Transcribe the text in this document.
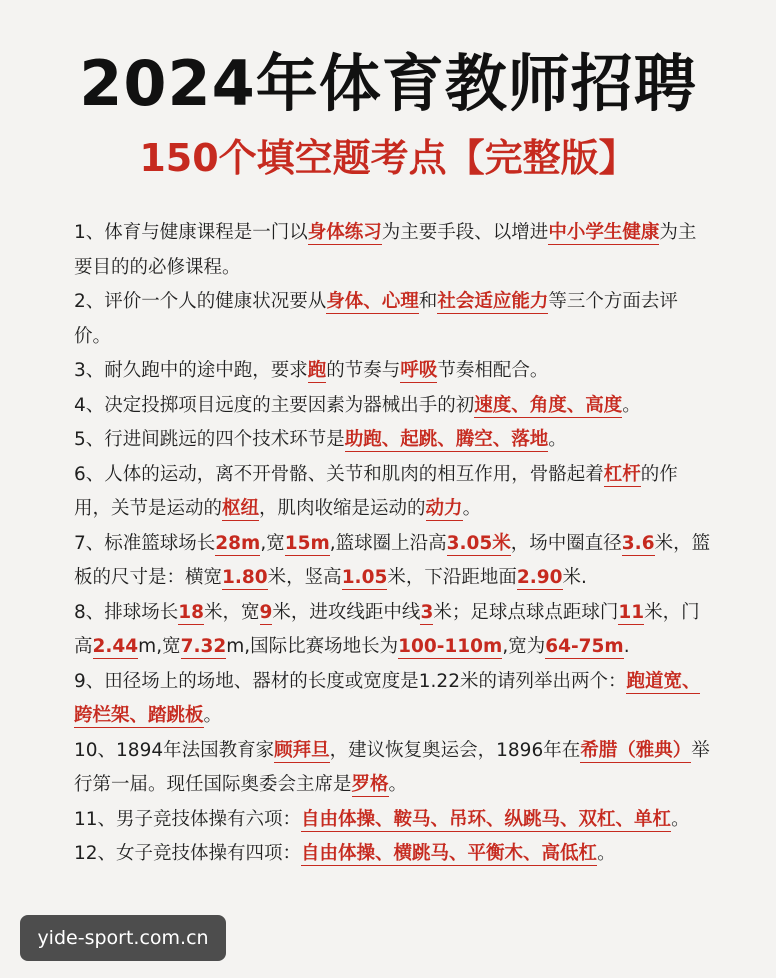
2024年体育教师招聘
150个填空题考点【完整版】

1、体育与健康课程是一门以身体练习为主要手段、以增进中小学生健康为主要目的的必修课程。

2、评价一个人的健康状况要从身体、心理和社会适应能力等三个方面去评价。

3、耐久跑中的途中跑，要求跑的节奏与呼吸节奏相配合。

4、决定投掷项目远度的主要因素为器械出手的初速度、角度、高度。

5、行进间跳远的四个技术环节是助跑、起跳、腾空、落地。

6、人体的运动，离不开骨骼、关节和肌肉的相互作用，骨骼起着杠杆的作用，关节是运动的枢纽，肌肉收缩是运动的动力。

7、标准篮球场长28m,宽15m,篮球圈上沿高3.05米，场中圈直径3.6米，篮板的尺寸是：横宽1.80米，竖高1.05米，下沿距地面2.90米.

8、排球场长18米，宽9米，进攻线距中线3米；足球点球点距球门11米，门高2.44m,宽7.32m,国际比赛场地长为100-110m,宽为64-75m.

9、田径场上的场地、器材的长度或宽度是1.22米的请列举出两个：跑道宽、跨栏架、踏跳板。

10、1894年法国教育家顾拜旦，建议恢复奥运会，1896年在希腊（雅典）举行第一届。现任国际奥委会主席是罗格。

11、男子竞技体操有六项：自由体操、鞍马、吊环、纵跳马、双杠、单杠。

12、女子竞技体操有四项：自由体操、横跳马、平衡木、高低杠。

yide-sport.com.cn
